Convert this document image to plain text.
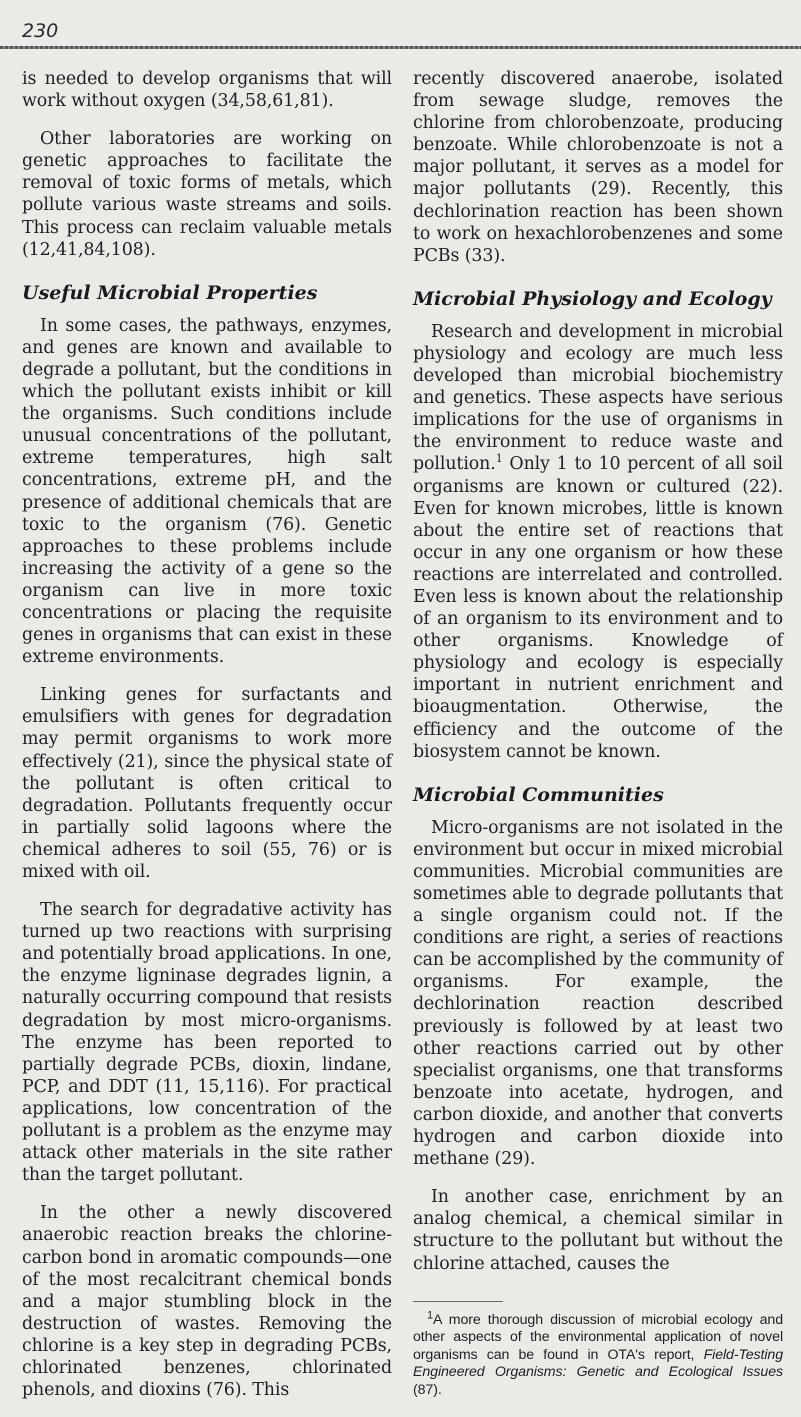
230

is needed to develop organisms that will work without oxygen (34,58,61,81).

Other laboratories are working on genetic approaches to facilitate the removal of toxic forms of metals, which pollute various waste streams and soils. This process can reclaim valuable metals (12,41,84,108).

Useful Microbial Properties

In some cases, the pathways, enzymes, and genes are known and available to degrade a pollutant, but the conditions in which the pollutant exists inhibit or kill the organisms. Such conditions include unusual concentrations of the pollutant, extreme temperatures, high salt concentrations, extreme pH, and the presence of additional chemicals that are toxic to the organism (76). Genetic approaches to these problems include increasing the activity of a gene so the organism can live in more toxic concentrations or placing the requisite genes in organisms that can exist in these extreme environments.

Linking genes for surfactants and emulsifiers with genes for degradation may permit organisms to work more effectively (21), since the physical state of the pollutant is often critical to degradation. Pollutants frequently occur in partially solid lagoons where the chemical adheres to soil (55, 76) or is mixed with oil.

The search for degradative activity has turned up two reactions with surprising and potentially broad applications. In one, the enzyme ligninase degrades lignin, a naturally occurring compound that resists degradation by most micro-organisms. The enzyme has been reported to partially degrade PCBs, dioxin, lindane, PCP, and DDT (11, 15,116). For practical applications, low concentration of the pollutant is a problem as the enzyme may attack other materials in the site rather than the target pollutant.

In the other a newly discovered anaerobic reaction breaks the chlorine-carbon bond in aromatic compounds—one of the most recalcitrant chemical bonds and a major stumbling block in the destruction of wastes. Removing the chlorine is a key step in degrading PCBs, chlorinated benzenes, chlorinated phenols, and dioxins (76). This

recently discovered anaerobe, isolated from sewage sludge, removes the chlorine from chlorobenzoate, producing benzoate. While chlorobenzoate is not a major pollutant, it serves as a model for major pollutants (29). Recently, this dechlorination reaction has been shown to work on hexachlorobenzenes and some PCBs (33).

Microbial Physiology and Ecology

Research and development in microbial physiology and ecology are much less developed than microbial biochemistry and genetics. These aspects have serious implications for the use of organisms in the environment to reduce waste and pollution.$^1$ Only 1 to 10 percent of all soil organisms are known or cultured (22). Even for known microbes, little is known about the entire set of reactions that occur in any one organism or how these reactions are interrelated and controlled. Even less is known about the relationship of an organism to its environment and to other organisms. Knowledge of physiology and ecology is especially important in nutrient enrichment and bioaugmentation. Otherwise, the efficiency and the outcome of the biosystem cannot be known.

Microbial Communities

Micro-organisms are not isolated in the environment but occur in mixed microbial communities. Microbial communities are sometimes able to degrade pollutants that a single organism could not. If the conditions are right, a series of reactions can be accomplished by the community of organisms. For example, the dechlorination reaction described previously is followed by at least two other reactions carried out by other specialist organisms, one that transforms benzoate into acetate, hydrogen, and carbon dioxide, and another that converts hydrogen and carbon dioxide into methane (29).

In another case, enrichment by an analog chemical, a chemical similar in structure to the pollutant but without the chlorine attached, causes the

$^1$A more thorough discussion of microbial ecology and other aspects of the environmental application of novel organisms can be found in OTA's report, Field-Testing Engineered Organisms: Genetic and Ecological Issues (87).
